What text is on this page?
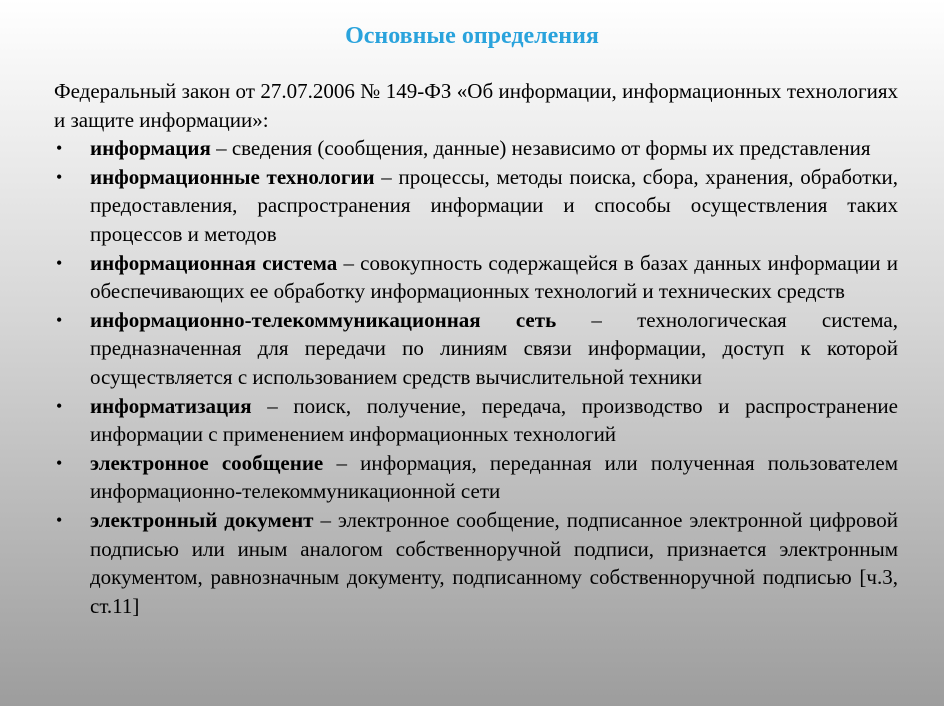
Основные определения

Федеральный закон от 27.07.2006 № 149-ФЗ «Об информации, информационных технологиях и защите информации»:

• информация – сведения (сообщения, данные) независимо от формы их представления
• информационные технологии – процессы, методы поиска, сбора, хранения, обработки, предоставления, распространения информации и способы осуществления таких процессов и методов
• информационная система – совокупность содержащейся в базах данных информации и обеспечивающих ее обработку информационных технологий и технических средств
• информационно-телекоммуникационная сеть – технологическая система, предназначенная для передачи по линиям связи информации, доступ к которой осуществляется с использованием средств вычислительной техники
• информатизация – поиск, получение, передача, производство и распространение информации с применением информационных технологий
• электронное сообщение – информация, переданная или полученная пользователем информационно-телекоммуникационной сети
• электронный документ – электронное сообщение, подписанное электронной цифровой подписью или иным аналогом собственноручной подписи, признается электронным документом, равнозначным документу, подписанному собственноручной подписью [ч.3, ст.11]
